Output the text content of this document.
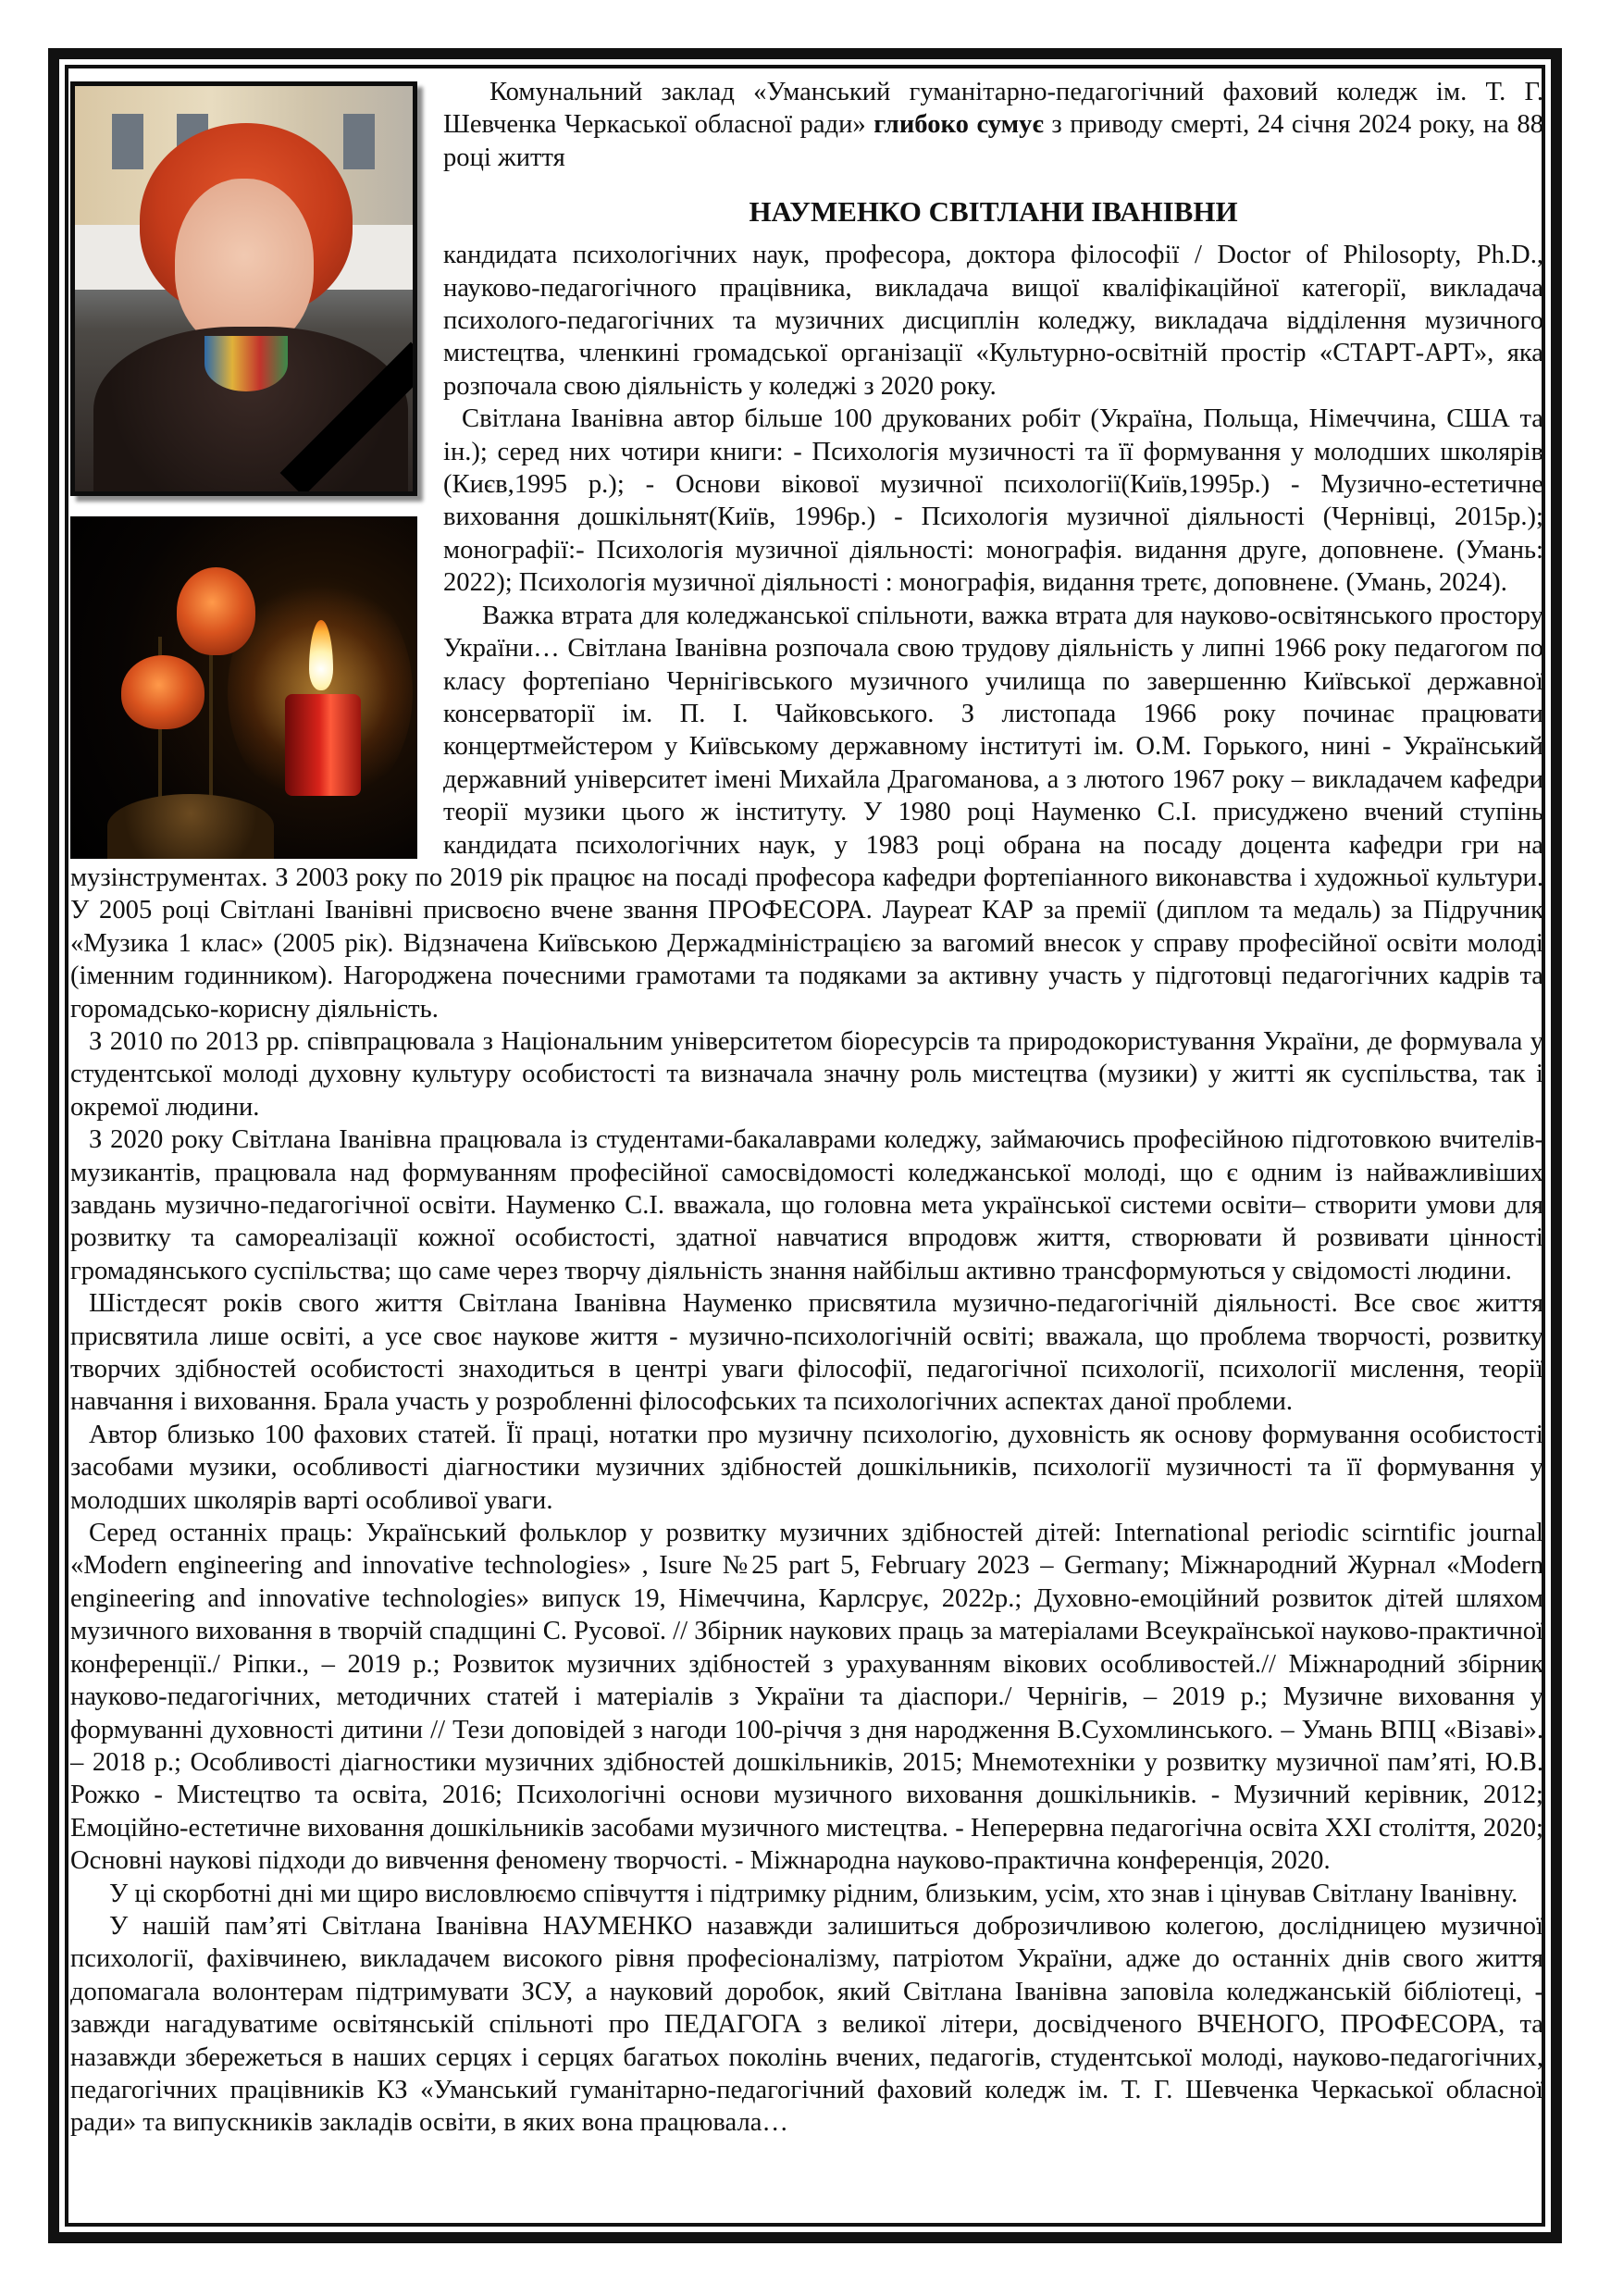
Комунальний заклад «Уманський гуманітарно-педагогічний фаховий коледж ім. Т. Г. Шевченка Черкаської обласної ради» глибоко сумує з приводу смерті, 24 січня 2024 року, на 88 році життя

НАУМЕНКО СВІТЛАНИ ІВАНІВНИ

кандидата психологічних наук, професора, доктора філософії / Doctor of Philosopty, Ph.D., науково-педагогічного працівника, викладача вищої кваліфікаційної категорії, викладача психолого-педагогічних та музичних дисциплін коледжу, викладача відділення музичного мистецтва, членкині громадської організації «Культурно-освітній простір «СТАРТ-АРТ», яка розпочала свою діяльність у коледжі з 2020 року.

Світлана Іванівна автор більше 100 друкованих робіт (Україна, Польща, Німеччина, США та ін.); серед них чотири книги: - Психологія музичності та її формування у молодших школярів (Києв,1995 р.); - Основи вікової музичної психології(Київ,1995р.) - Музично-естетичне виховання дошкільнят(Київ, 1996р.) - Психологія музичної діяльності (Чернівці, 2015р.); монографії:- Психологія музичної діяльності: монографія. видання друге, доповнене. (Умань: 2022); Психологія музичної діяльності : монографія, видання третє, доповнене. (Умань, 2024).

Важка втрата для коледжанської спільноти, важка втрата для науково-освітянського простору України… Світлана Іванівна розпочала свою трудову діяльність у липні 1966 року педагогом по класу фортепіано Чернігівського музичного училища по завершенню Київської державної консерваторії ім. П. І. Чайковського. З листопада 1966 року починає працювати концертмейстером у Київському державному інституті ім. О.М. Горького, нині - Український державний університет імені Михайла Драгоманова, а з лютого 1967 року – викладачем кафедри теорії музики цього ж інституту. У 1980 році Науменко С.І. присуджено вчений ступінь кандидата психологічних наук, у 1983 році обрана на посаду доцента кафедри гри на музінструментах. З 2003 року по 2019 рік працює на посаді професора кафедри фортепіанного виконавства і художньої культури. У 2005 році Світлані Іванівні присвоєно вчене звання ПРОФЕСОРА. Лауреат КАР за премії (диплом та медаль) за Підручник «Музика 1 клас» (2005 рік). Відзначена Київською Держадміністрацією за вагомий внесок у справу професійної освіти молоді (іменним годинником). Нагороджена почесними грамотами та подяками за активну участь у підготовці педагогічних кадрів та горомадсько-корисну діяльність.

З 2010 по 2013 рр. співпрацювала з Національним університетом біоресурсів та природокористування України, де формувала у студентської молоді духовну культуру особистості та визначала значну роль мистецтва (музики) у житті як суспільства, так і окремої людини.

З 2020 року Світлана Іванівна працювала із студентами-бакалаврами коледжу, займаючись професійною підготовкою вчителів-музикантів, працювала над формуванням професійної самосвідомості коледжанської молоді, що є одним із найважливіших завдань музично-педагогічної освіти. Науменко С.І. вважала, що головна мета української системи освіти– створити умови для розвитку та самореалізації кожної особистості, здатної навчатися впродовж життя, створювати й розвивати цінності громадянського суспільства; що саме через творчу діяльність знання найбільш активно трансформуються у свідомості людини.

Шістдесят років свого життя Світлана Іванівна Науменко присвятила музично-педагогічній діяльності. Все своє життя присвятила лише освіті, а усе своє наукове життя - музично-психологічній освіті; вважала, що проблема творчості, розвитку творчих здібностей особистості знаходиться в центрі уваги філософії, педагогічної психології, психології мислення, теорії навчання і виховання. Брала участь у розробленні філософських та психологічних аспектах даної проблеми.

Автор близько 100 фахових статей. Її праці, нотатки про музичну психологію, духовність як основу формування особистості засобами музики, особливості діагностики музичних здібностей дошкільників, психології музичності та її формування у молодших школярів варті особливої уваги.

Серед останніх праць: Український фольклор у розвитку музичних здібностей дітей: International periodic scirntific journal «Modern engineering and innovative technologies» , Isure №25 part 5, February 2023 – Germany; Міжнародний Журнал «Modern engineering and innovative technologies» випуск 19, Німеччина, Карлсрує, 2022р.; Духовно-емоційний розвиток дітей шляхом музичного виховання в творчій спадщині С. Русової. // Збірник наукових праць за матеріалами Всеукраїнської науково-практичної конференції./ Ріпки., – 2019 р.; Розвиток музичних здібностей з урахуванням вікових особливостей.// Міжнародний збірник науково-педагогічних, методичних статей і матеріалів з України та діаспори./ Чернігів, – 2019 р.; Музичне виховання у формуванні духовності дитини // Тези доповідей з нагоди 100-річчя з дня народження В.Сухомлинського. – Умань ВПЦ «Візаві». – 2018 р.; Особливості діагностики музичних здібностей дошкільників, 2015; Мнемотехніки у розвитку музичної пам’яті, Ю.В. Рожко - Мистецтво та освіта, 2016; Психологічні основи музичного виховання дошкільників. - Музичний керівник, 2012; Емоційно-естетичне виховання дошкільників засобами музичного мистецтва. - Неперервна педагогічна освіта XXI століття, 2020; Основні наукові підходи до вивчення феномену творчості. - Міжнародна науково-практична конференція, 2020.

У ці скорботні дні ми щиро висловлюємо співчуття і підтримку рідним, близьким, усім, хто знав і цінував Світлану Іванівну.

У нашій пам’яті Світлана Іванівна НАУМЕНКО назавжди залишиться доброзичливою колегою, дослідницею музичної психології, фахівчинею, викладачем високого рівня професіоналізму, патріотом України, адже до останніх днів свого життя допомагала волонтерам підтримувати ЗСУ, а науковий доробок, який Світлана Іванівна заповіла коледжанській бібліотеці, - завжди нагадуватиме освітянській спільноті про ПЕДАГОГА з великої літери, досвідченого ВЧЕНОГО, ПРОФЕСОРА, та назавжди збережеться в наших серцях і серцях багатьох поколінь вчених, педагогів, студентської молоді, науково-педагогічних, педагогічних працівників КЗ «Уманський гуманітарно-педагогічний фаховий коледж ім. Т. Г. Шевченка Черкаської обласної ради» та випускників закладів освіти, в яких вона працювала…
